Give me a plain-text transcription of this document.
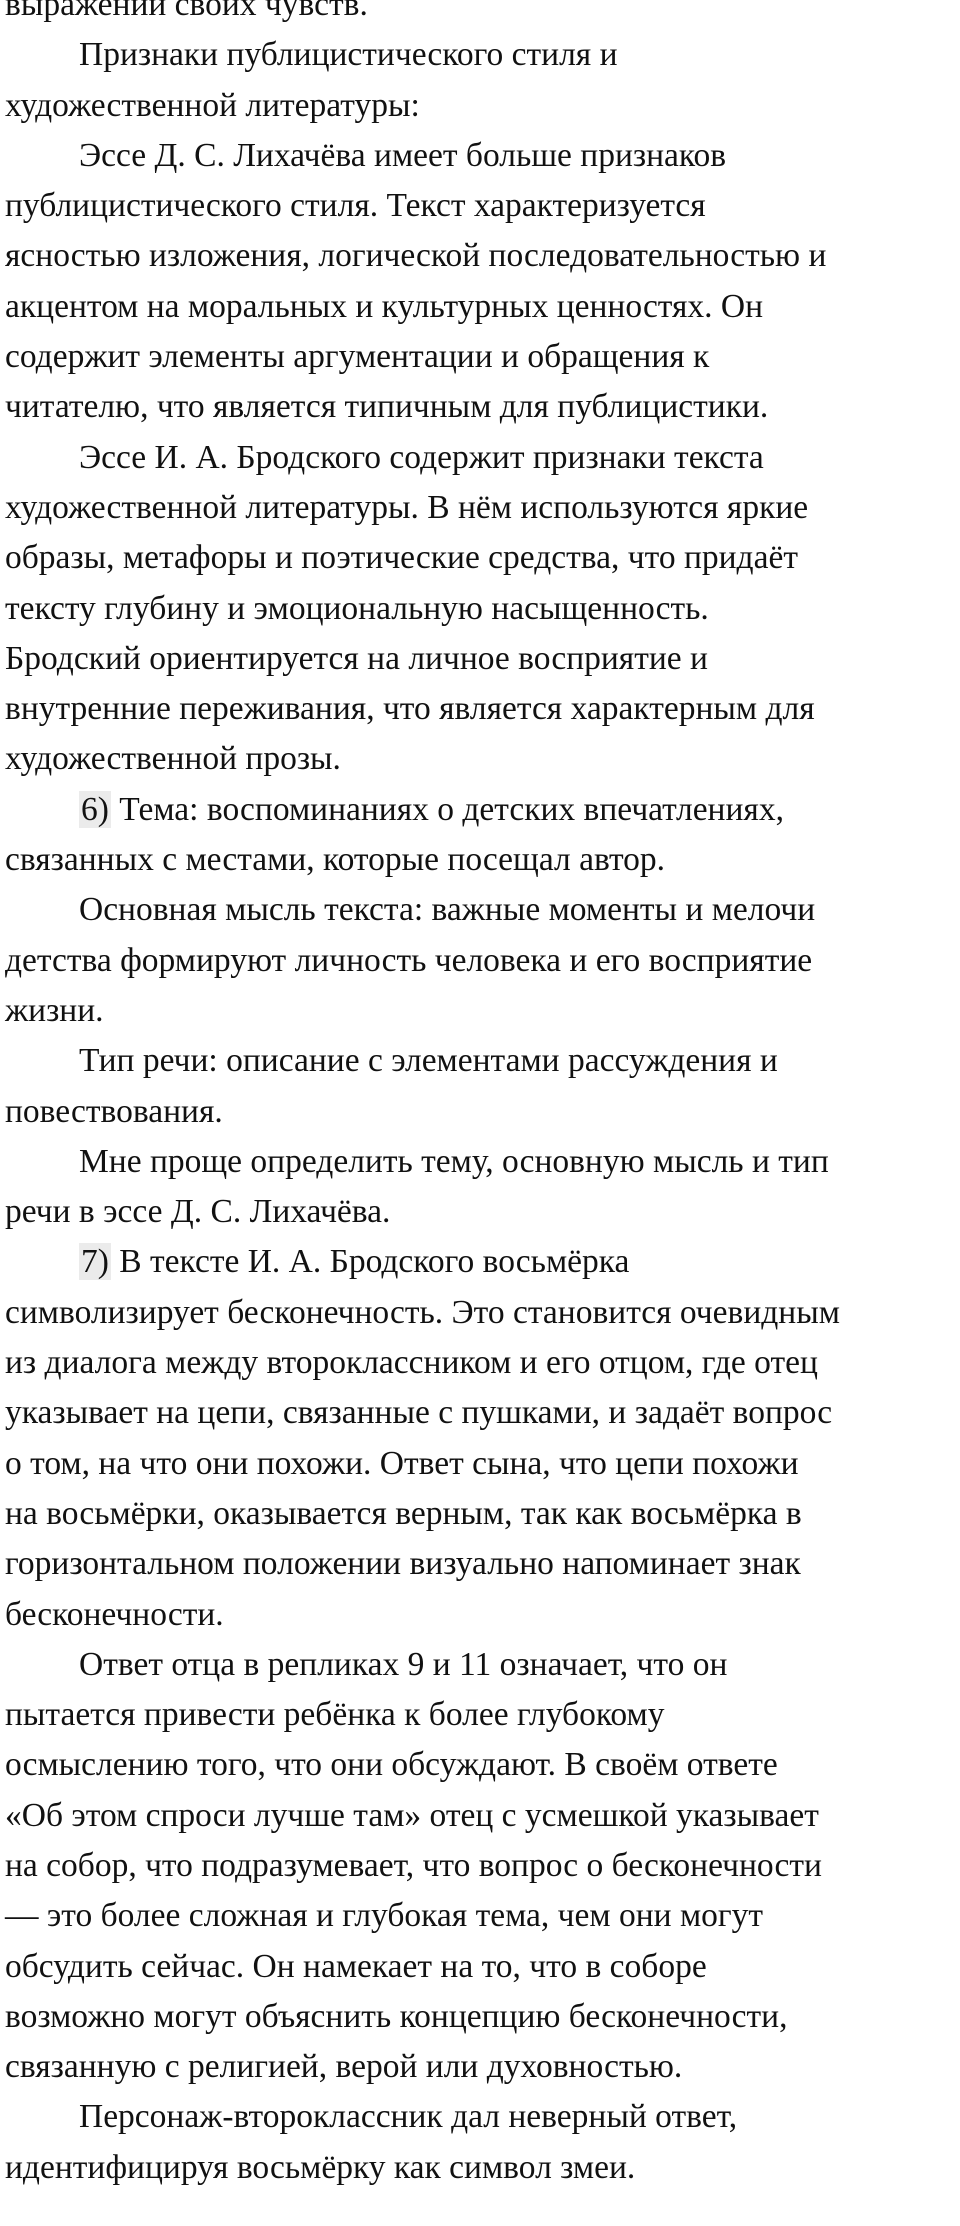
выражении своих чувств.
Признаки публицистического стиля и
художественной литературы:
Эссе Д. С. Лихачёва имеет больше признаков
публицистического стиля. Текст характеризуется
ясностью изложения, логической последовательностью и
акцентом на моральных и культурных ценностях. Он
содержит элементы аргументации и обращения к
читателю, что является типичным для публицистики.
Эссе И. А. Бродского содержит признаки текста
художественной литературы. В нём используются яркие
образы, метафоры и поэтические средства, что придаёт
тексту глубину и эмоциональную насыщенность.
Бродский ориентируется на личное восприятие и
внутренние переживания, что является характерным для
художественной прозы.
6) Тема: воспоминаниях о детских впечатлениях,
связанных с местами, которые посещал автор.
Основная мысль текста: важные моменты и мелочи
детства формируют личность человека и его восприятие
жизни.
Тип речи: описание с элементами рассуждения и
повествования.
Мне проще определить тему, основную мысль и тип
речи в эссе Д. С. Лихачёва.
7) В тексте И. А. Бродского восьмёрка
символизирует бесконечность. Это становится очевидным
из диалога между второклассником и его отцом, где отец
указывает на цепи, связанные с пушками, и задаёт вопрос
о том, на что они похожи. Ответ сына, что цепи похожи
на восьмёрки, оказывается верным, так как восьмёрка в
горизонтальном положении визуально напоминает знак
бесконечности.
Ответ отца в репликах 9 и 11 означает, что он
пытается привести ребёнка к более глубокому
осмыслению того, что они обсуждают. В своём ответе
«Об этом спроси лучше там» отец с усмешкой указывает
на собор, что подразумевает, что вопрос о бесконечности
— это более сложная и глубокая тема, чем они могут
обсудить сейчас. Он намекает на то, что в соборе
возможно могут объяснить концепцию бесконечности,
связанную с религией, верой или духовностью.
Персонаж-второклассник дал неверный ответ,
идентифицируя восьмёрку как символ змеи.
